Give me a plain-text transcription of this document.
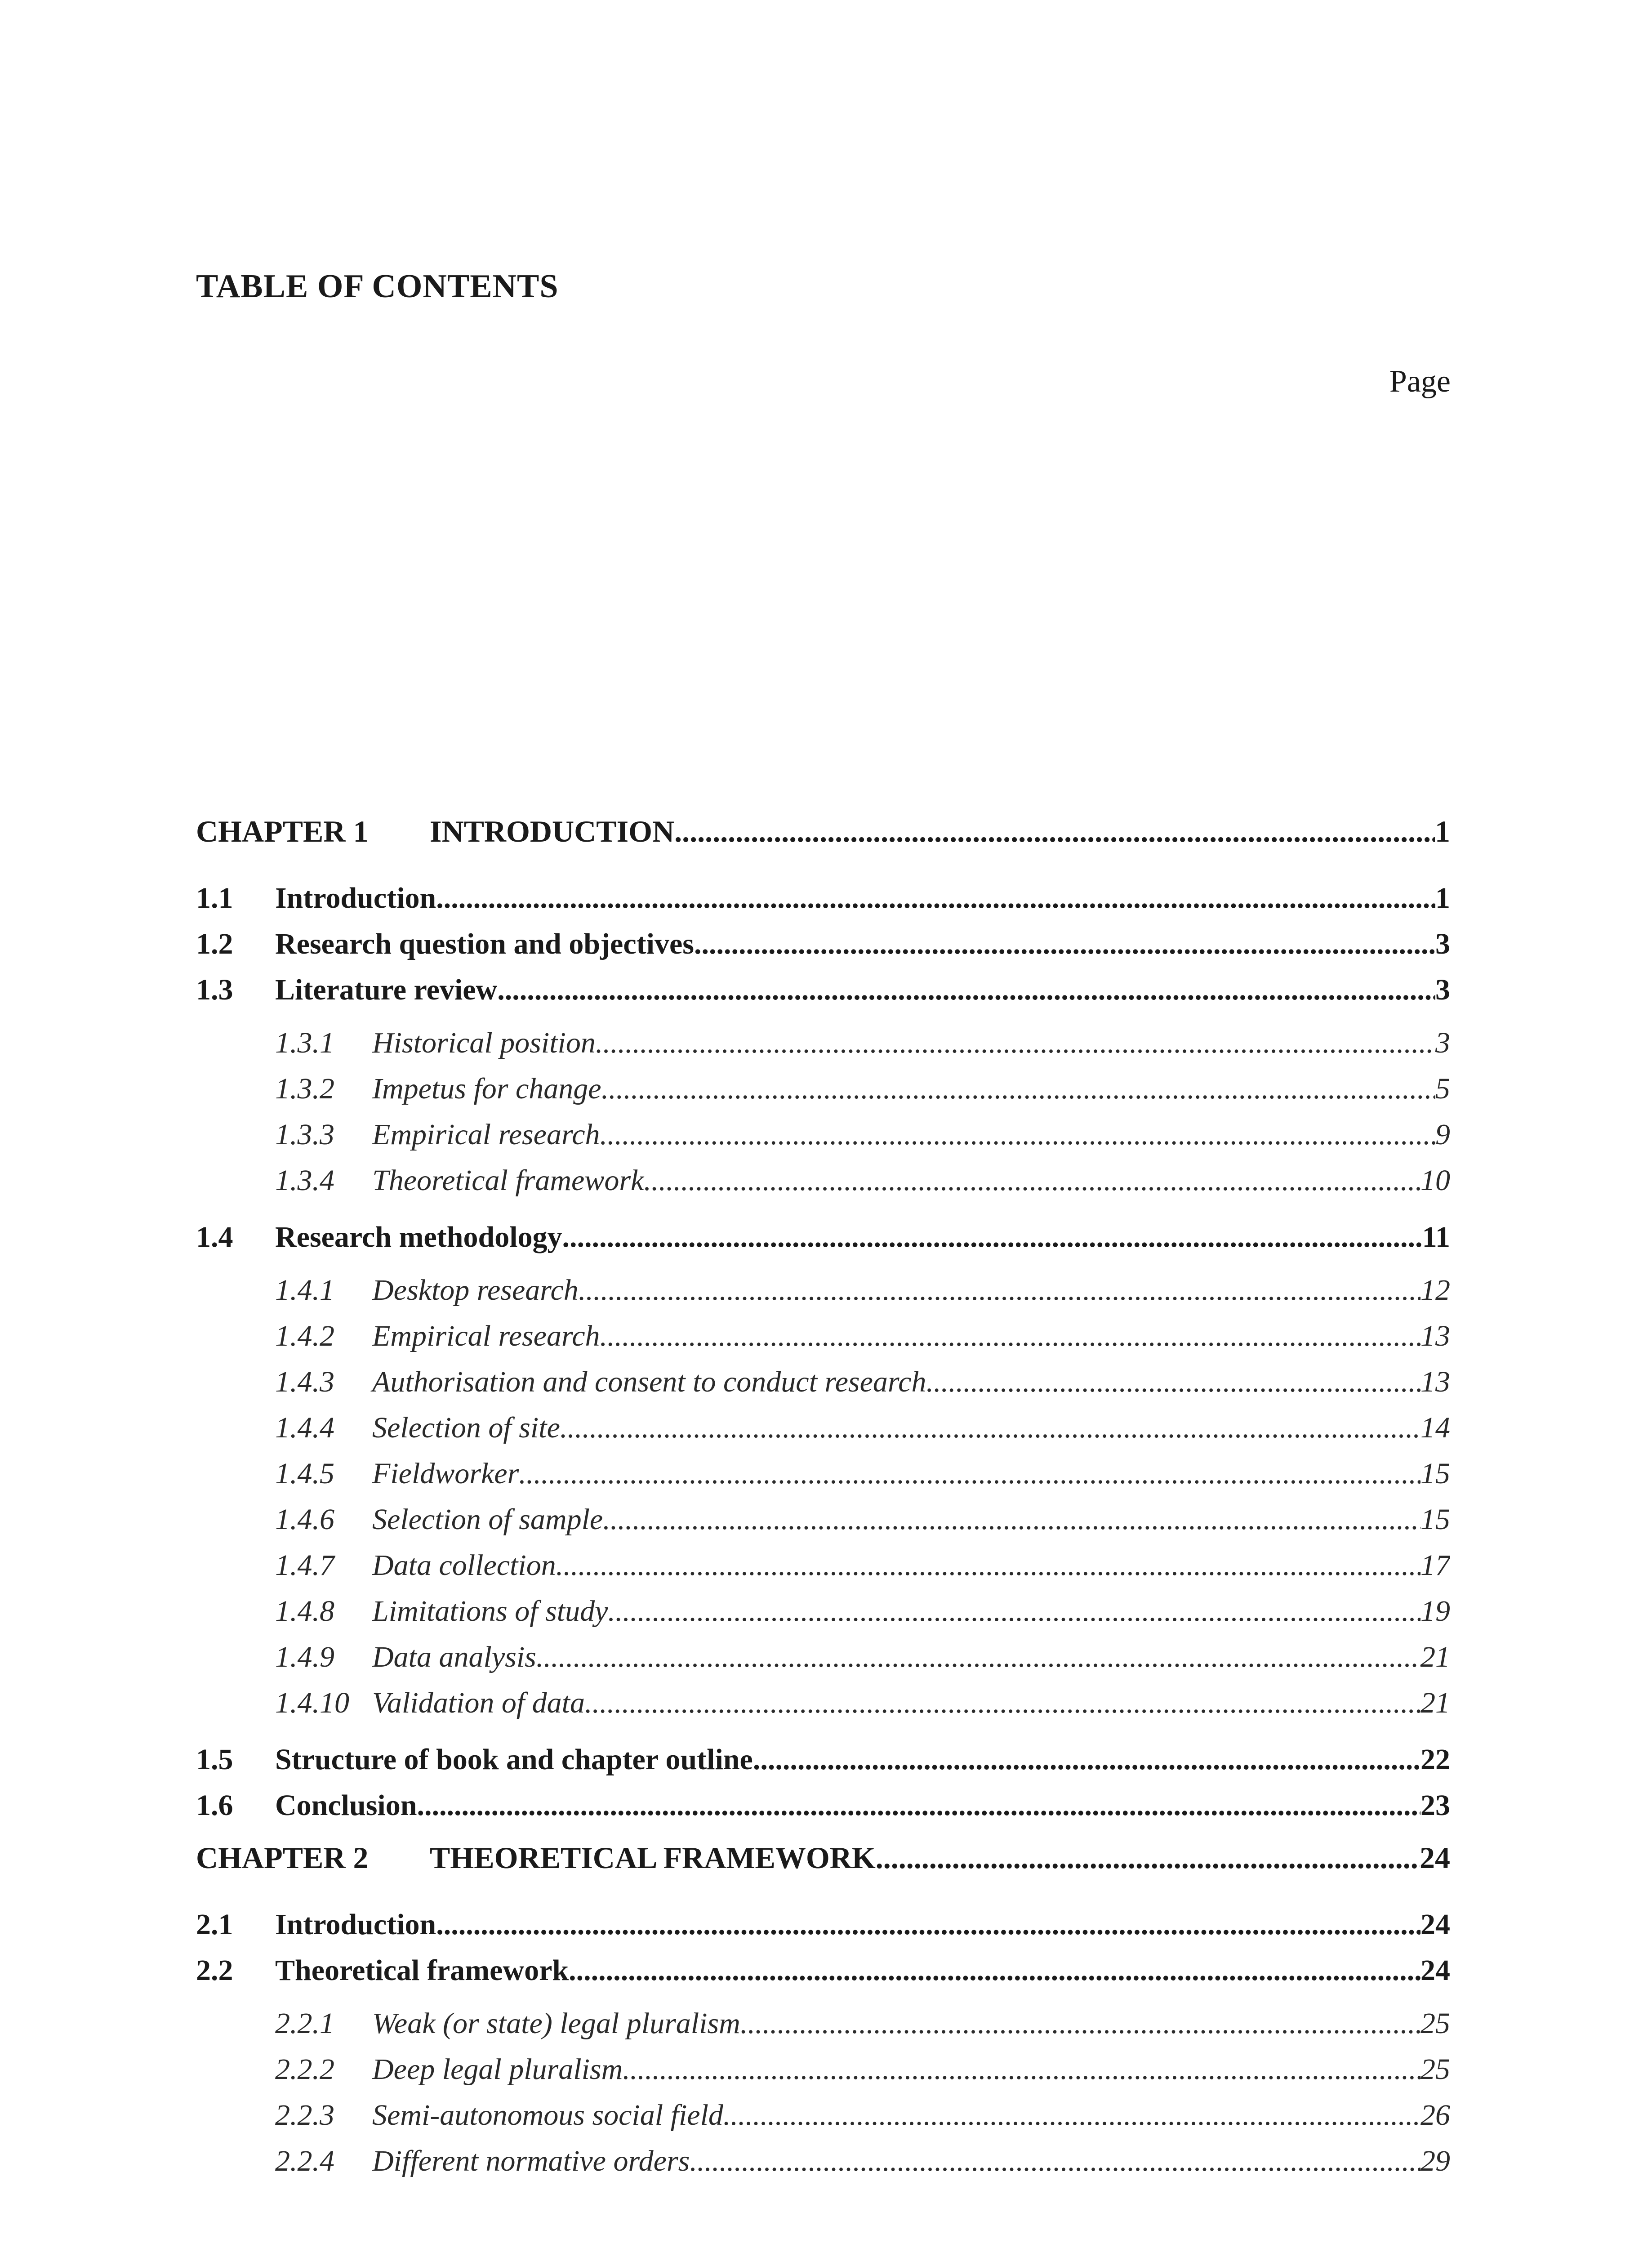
TABLE OF CONTENTS
Page
CHAPTER 1	INTRODUCTION .....	1
1.1	Introduction .....	1
1.2	Research question and objectives .....	3
1.3	Literature review .....	3
1.3.1	Historical position .....	3
1.3.2	Impetus for change .....	5
1.3.3	Empirical research .....	9
1.3.4	Theoretical framework .....	10
1.4	Research methodology .....	11
1.4.1	Desktop research .....	12
1.4.2	Empirical research .....	13
1.4.3	Authorisation and consent to conduct research .....	13
1.4.4	Selection of site .....	14
1.4.5	Fieldworker .....	15
1.4.6	Selection of sample .....	15
1.4.7	Data collection .....	17
1.4.8	Limitations of study .....	19
1.4.9	Data analysis .....	21
1.4.10 Validation of data .....	21
1.5	Structure of book and chapter outline .....	22
1.6	Conclusion .....	23
CHAPTER 2	THEORETICAL FRAMEWORK .....	24
2.1	Introduction .....	24
2.2	Theoretical framework .....	24
2.2.1	Weak (or state) legal pluralism .....	25
2.2.2	Deep legal pluralism .....	25
2.2.3	Semi-autonomous social field .....	26
2.2.4	Different normative orders .....	29
